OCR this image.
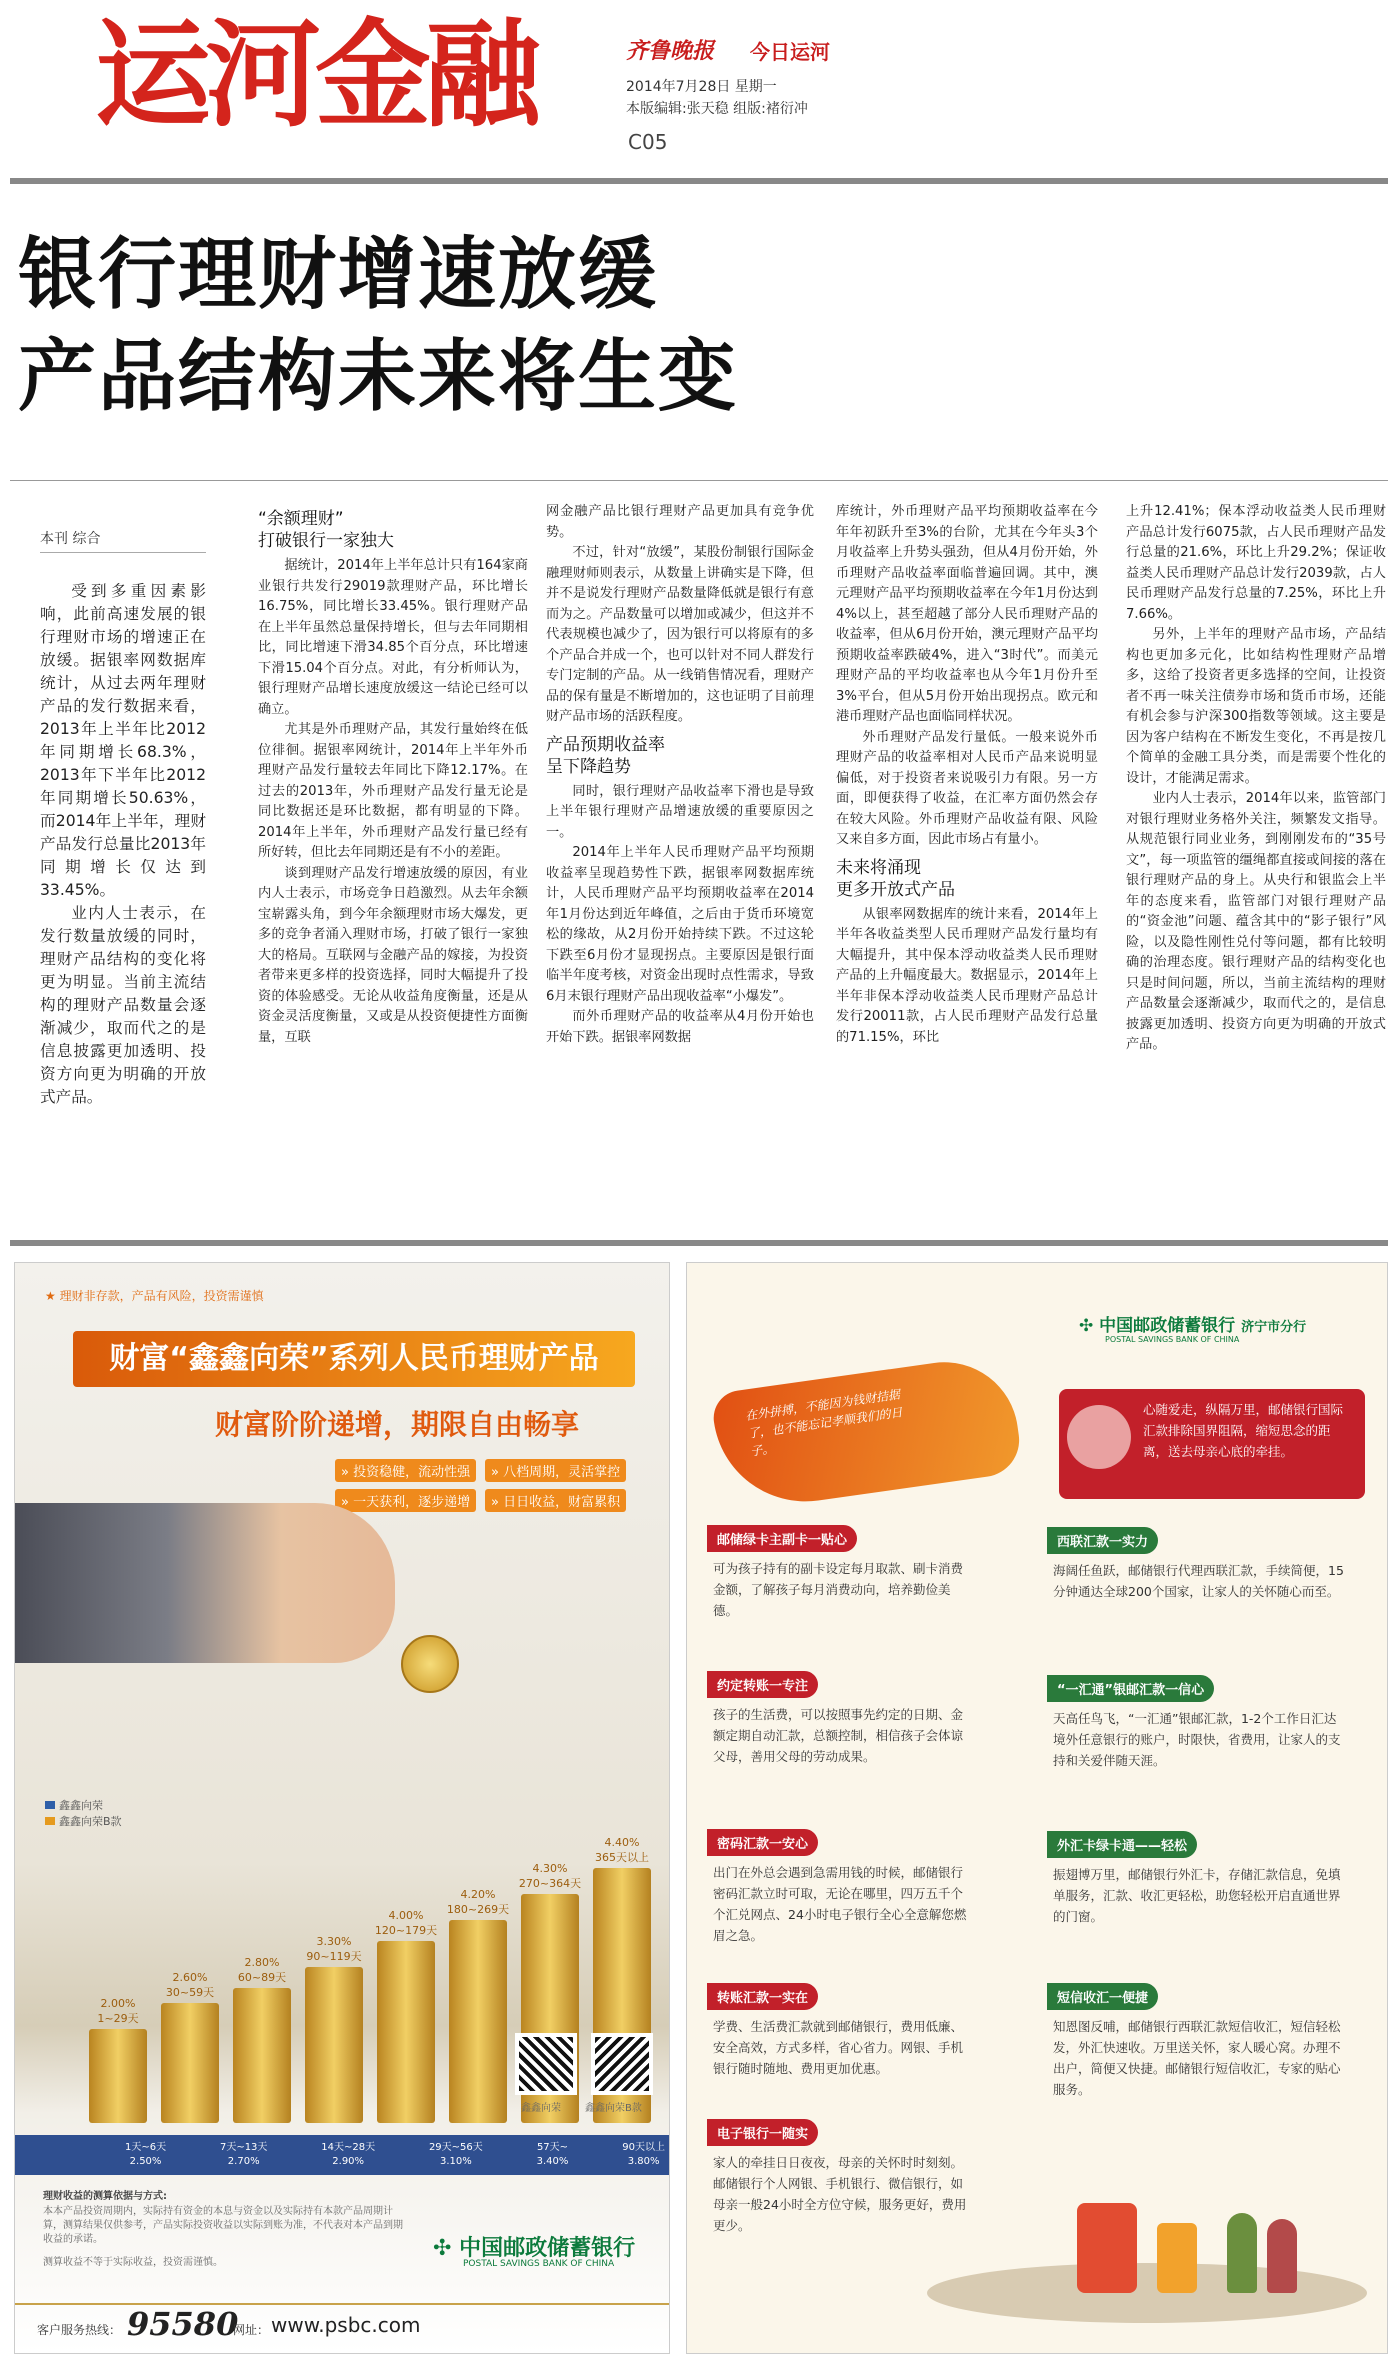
运河金融	齐鲁晚报 今日运河
2014年7月28日 星期一
本版编辑:张天稳 组版:褚衍冲
C05
银行理财增速放缓
产品结构未来将生变
本刊 综合

受到多重因素影响，此前高速发展的银行理财市场的增速正在放缓。据银率网数据库统计，从过去两年理财产品的发行数据来看，2013年上半年比2012年同期增长68.3%，2013年下半年比2012年同期增长50.63%，而2014年上半年，理财产品发行总量比2013年同期增长仅达到33.45%。

业内人士表示，在发行数量放缓的同时，理财产品结构的变化将更为明显。当前主流结构的理财产品数量会逐渐减少，取而代之的是信息披露更加透明、投资方向更为明确的开放式产品。

“余额理财”
打破银行一家独大

据统计，2014年上半年总计只有164家商业银行共发行29019款理财产品，环比增长16.75%，同比增长33.45%。银行理财产品在上半年虽然总量保持增长，但与去年同期相比，同比增速下滑34.85个百分点，环比增速下滑15.04个百分点。对此，有分析师认为，银行理财产品增长速度放缓这一结论已经可以确立。

尤其是外币理财产品，其发行量始终在低位徘徊。据银率网统计，2014年上半年外币理财产品发行量较去年同比下降12.17%。在过去的2013年，外币理财产品发行量无论是同比数据还是环比数据，都有明显的下降。2014年上半年，外币理财产品发行量已经有所好转，但比去年同期还是有不小的差距。

谈到理财产品发行增速放缓的原因，有业内人士表示，市场竞争日趋激烈。从去年余额宝崭露头角，到今年余额理财市场大爆发，更多的竞争者涌入理财市场，打破了银行一家独大的格局。互联网与金融产品的嫁接，为投资者带来更多样的投资选择，同时大幅提升了投资的体验感受。无论从收益角度衡量，还是从资金灵活度衡量，又或是从投资便捷性方面衡量，互联

网金融产品比银行理财产品更加具有竞争优势。

不过，针对“放缓”，某股份制银行国际金融理财师则表示，从数量上讲确实是下降，但并不是说发行理财产品数量降低就是银行有意而为之。产品数量可以增加或减少，但这并不代表规模也减少了，因为银行可以将原有的多个产品合并成一个，也可以针对不同人群发行专门定制的产品。从一线销售情况看，理财产品的保有量是不断增加的，这也证明了目前理财产品市场的活跃程度。

产品预期收益率
呈下降趋势

同时，银行理财产品收益率下滑也是导致上半年银行理财产品增速放缓的重要原因之一。

2014年上半年人民币理财产品平均预期收益率呈现趋势性下跌，据银率网数据库统计，人民币理财产品平均预期收益率在2014年1月份达到近年峰值，之后由于货币环境宽松的缘故，从2月份开始持续下跌。不过这轮下跌至6月份才显现拐点。主要原因是银行面临半年度考核，对资金出现时点性需求，导致6月末银行理财产品出现收益率“小爆发”。

而外币理财产品的收益率从4月份开始也开始下跌。据银率网数据

库统计，外币理财产品平均预期收益率在今年年初跃升至3%的台阶，尤其在今年头3个月收益率上升势头强劲，但从4月份开始，外币理财产品收益率面临普遍回调。其中，澳元理财产品平均预期收益率在今年1月份达到4%以上，甚至超越了部分人民币理财产品的收益率，但从6月份开始，澳元理财产品平均预期收益率跌破4%，进入“3时代”。而美元理财产品的平均收益率也从今年1月份升至3%平台，但从5月份开始出现拐点。欧元和港币理财产品也面临同样状况。

外币理财产品发行量低。一般来说外币理财产品的收益率相对人民币产品来说明显偏低，对于投资者来说吸引力有限。另一方面，即便获得了收益，在汇率方面仍然会存在较大风险。外币理财产品收益有限、风险又来自多方面，因此市场占有量小。

未来将涌现
更多开放式产品

从银率网数据库的统计来看，2014年上半年各收益类型人民币理财产品发行量均有大幅提升，其中保本浮动收益类人民币理财产品的上升幅度最大。数据显示，2014年上半年非保本浮动收益类人民币理财产品总计发行20011款，占人民币理财产品发行总量的71.15%，环比

上升12.41%；保本浮动收益类人民币理财产品总计发行6075款，占人民币理财产品发行总量的21.6%，环比上升29.2%；保证收益类人民币理财产品总计发行2039款，占人民币理财产品发行总量的7.25%，环比上升7.66%。

另外，上半年的理财产品市场，产品结构也更加多元化，比如结构性理财产品增多，这给了投资者更多选择的空间，让投资者不再一味关注债券市场和货币市场，还能有机会参与沪深300指数等领域。这主要是因为客户结构在不断发生变化，不再是按几个简单的金融工具分类，而是需要个性化的设计，才能满足需求。

业内人士表示，2014年以来，监管部门对银行理财业务格外关注，频繁发文指导。从规范银行同业业务，到刚刚发布的“35号文”，每一项监管的缰绳都直接或间接的落在银行理财产品的身上。从央行和银监会上半年的态度来看，监管部门对银行理财产品的“资金池”问题、蕴含其中的“影子银行”风险，以及隐性刚性兑付等问题，都有比较明确的治理态度。银行理财产品的结构变化也只是时间问题，所以，当前主流结构的理财产品数量会逐渐减少，取而代之的，是信息披露更加透明、投资方向更为明确的开放式产品。

★ 理财非存款，产品有风险，投资需谨慎
财富“鑫鑫向荣”系列人民币理财产品
财富阶阶递增，期限自由畅享
» 投资稳健，流动性强	» 八档周期，灵活掌控
» 一天获利，逐步递增	» 日日收益，财富累积
鑫鑫向荣
鑫鑫向荣B款
2.00%
1~29天
2.60%
30~59天
2.80%
60~89天
3.30%
90~119天
4.00%
120~179天
4.20%
180~269天
4.30%
270~364天
4.40%
365天以上
1天~6天
2.50%
7天~13天
2.70%
14天~28天
2.90%
29天~56天
3.10%
57天~
3.40%
90天以上
3.80%
鑫鑫向荣 鑫鑫向荣B款
理财收益的测算依据与方式:
本本产品投资周期内，实际持有资金的本息与资金以及实际持有本款产品周期计算，测算结果仅供参考，产品实际投资收益以实际到账为准，不代表对本产品到期收益的承诺。
测算收益不等于实际收益，投资需谨慎。
✣ 中国邮政储蓄银行
POSTAL SAVINGS BANK OF CHINA
客户服务热线： 95580
网址： www.psbc.com
✣ 中国邮政储蓄银行 济宁市分行
POSTAL SAVINGS BANK OF CHINA
在外拼搏，不能因为钱财拮据了，也不能忘记孝顺我们的日子。
心随爱走，纵隔万里，邮储银行国际汇款排除国界阻隔，缩短思念的距离，送去母亲心底的牵挂。
邮储绿卡主副卡一贴心
可为孩子持有的副卡设定每月取款、刷卡消费金额，了解孩子每月消费动向，培养勤俭美德。
约定转账一专注
孩子的生活费，可以按照事先约定的日期、金额定期自动汇款，总额控制，相信孩子会体谅父母，善用父母的劳动成果。
密码汇款一安心
出门在外总会遇到急需用钱的时候，邮储银行密码汇款立时可取，无论在哪里，四万五千个个汇兑网点、24小时电子银行全心全意解您燃眉之急。
转账汇款一实在
学费、生活费汇款就到邮储银行，费用低廉、安全高效，方式多样，省心省力。网银、手机银行随时随地、费用更加优惠。
电子银行一随实
家人的牵挂日日夜夜，母亲的关怀时时刻刻。邮储银行个人网银、手机银行、微信银行，如母亲一般24小时全方位守候，服务更好，费用更少。
西联汇款一实力
海阔任鱼跃，邮储银行代理西联汇款，手续简便，15分钟通达全球200个国家，让家人的关怀随心而至。
“一汇通”银邮汇款一信心
天高任鸟飞，“一汇通”银邮汇款，1-2个工作日汇达境外任意银行的账户，时限快，省费用，让家人的支持和关爱伴随天涯。
外汇卡绿卡通——轻松
振翅博万里，邮储银行外汇卡，存储汇款信息，免填单服务，汇款、收汇更轻松，助您轻松开启直通世界的门窗。
短信收汇一便捷
知恩图反哺，邮储银行西联汇款短信收汇，短信轻松发，外汇快速收。万里送关怀，家人暖心窝。办理不出户，简便又快捷。邮储银行短信收汇，专家的贴心服务。
